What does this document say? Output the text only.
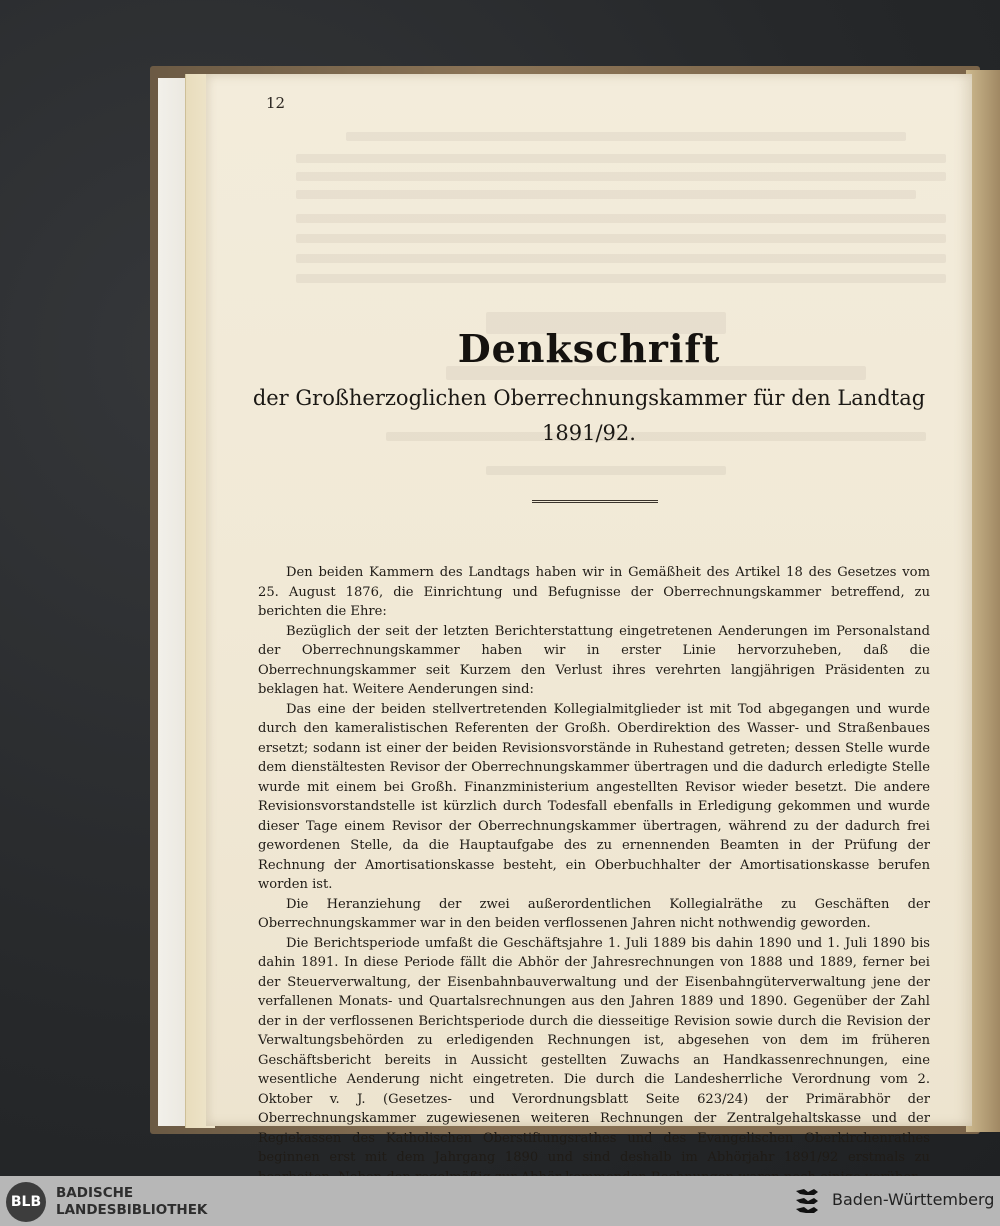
12
Denkschrift
der Großherzoglichen Oberrechnungskammer für den Landtag
1891/92.

Den beiden Kammern des Landtags haben wir in Gemäßheit des Artikel 18 des Gesetzes vom 25. August 1876, die Einrichtung und Befugnisse der Oberrechnungskammer betreffend, zu berichten die Ehre:

Bezüglich der seit der letzten Berichterstattung eingetretenen Aenderungen im Personalstand der Oberrechnungskammer haben wir in erster Linie hervorzuheben, daß die Oberrechnungskammer seit Kurzem den Verlust ihres verehrten langjährigen Präsidenten zu beklagen hat. Weitere Aenderungen sind:

Das eine der beiden stellvertretenden Kollegialmitglieder ist mit Tod abgegangen und wurde durch den kameralistischen Referenten der Großh. Oberdirektion des Wasser- und Straßenbaues ersetzt; sodann ist einer der beiden Revisionsvorstände in Ruhestand getreten; dessen Stelle wurde dem dienstältesten Revisor der Oberrechnungskammer übertragen und die dadurch erledigte Stelle wurde mit einem bei Großh. Finanzministerium angestellten Revisor wieder besetzt. Die andere Revisionsvorstandstelle ist kürzlich durch Todesfall ebenfalls in Erledigung gekommen und wurde dieser Tage einem Revisor der Oberrechnungskammer übertragen, während zu der dadurch frei gewordenen Stelle, da die Hauptaufgabe des zu ernennenden Beamten in der Prüfung der Rechnung der Amortisationskasse besteht, ein Oberbuchhalter der Amortisationskasse berufen worden ist.

Die Heranziehung der zwei außerordentlichen Kollegialräthe zu Geschäften der Oberrechnungskammer war in den beiden verflossenen Jahren nicht nothwendig geworden.

Die Berichtsperiode umfaßt die Geschäftsjahre 1. Juli 1889 bis dahin 1890 und 1. Juli 1890 bis dahin 1891. In diese Periode fällt die Abhör der Jahresrechnungen von 1888 und 1889, ferner bei der Steuerverwaltung, der Eisenbahnbauverwaltung und der Eisenbahngüterverwaltung jene der verfallenen Monats- und Quartalsrechnungen aus den Jahren 1889 und 1890. Gegenüber der Zahl der in der verflossenen Berichtsperiode durch die diesseitige Revision sowie durch die Revision der Verwaltungsbehörden zu erledigenden Rechnungen ist, abgesehen von dem im früheren Geschäftsbericht bereits in Aussicht gestellten Zuwachs an Handkassenrechnungen, eine wesentliche Aenderung nicht eingetreten. Die durch die Landesherrliche Verordnung vom 2. Oktober v. J. (Gesetzes- und Verordnungsblatt Seite 623/24) der Primärabhör der Oberrechnungskammer zugewiesenen weiteren Rechnungen der Zentralgehaltskasse und der Regiekassen des Katholischen Oberstiftungsrathes und des Evangelischen Oberkirchenrathes beginnen erst mit dem Jahrgang 1890 und sind deshalb im Abhörjahr 1891/92 erstmals zu

BLB
BADISCHE
LANDESBIBLIOTHEK
Baden-Württemberg
